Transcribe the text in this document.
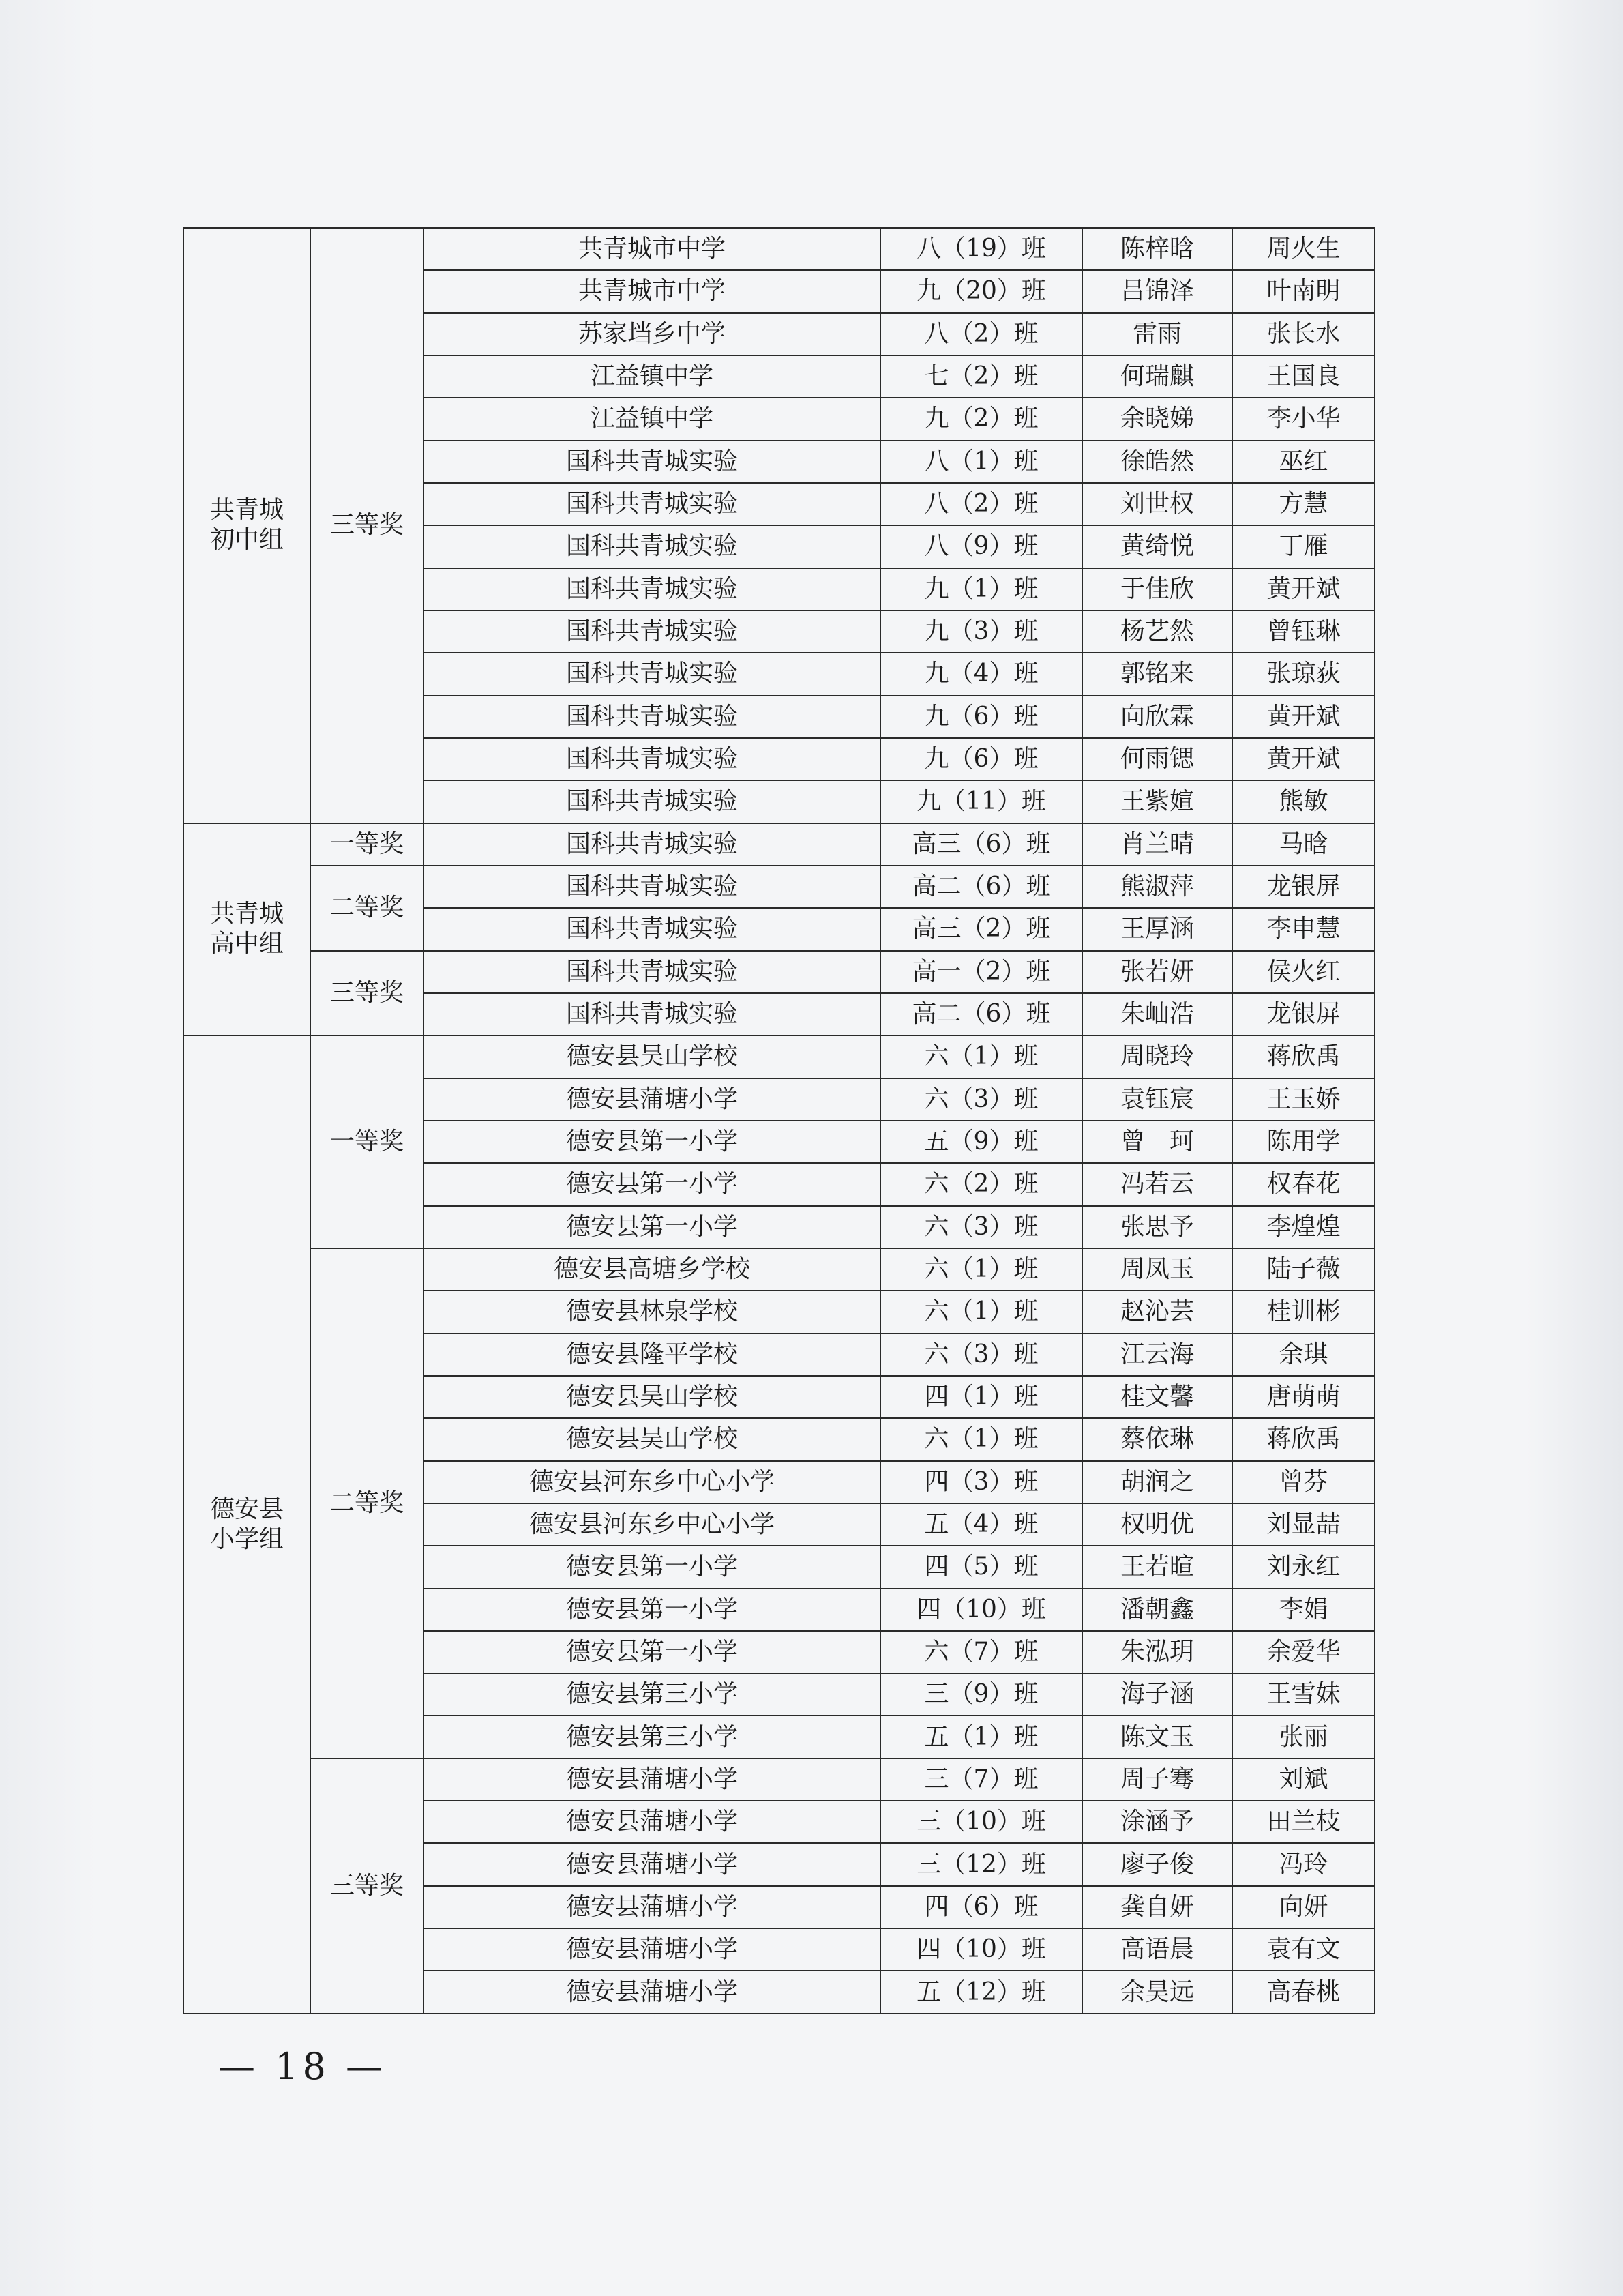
共青城
初中组	三等奖	共青城市中学	八（19）班	陈梓晗	周火生
		共青城市中学	九（20）班	吕锦泽	叶南明
		苏家垱乡中学	八（2）班	雷雨	张长水
		江益镇中学	七（2）班	何瑞麒	王国良
		江益镇中学	九（2）班	余晓娣	李小华
		国科共青城实验	八（1）班	徐皓然	巫红
		国科共青城实验	八（2）班	刘世权	方慧
		国科共青城实验	八（9）班	黄绮悦	丁雁
		国科共青城实验	九（1）班	于佳欣	黄开斌
		国科共青城实验	九（3）班	杨艺然	曾钰琳
		国科共青城实验	九（4）班	郭铭来	张琼荻
		国科共青城实验	九（6）班	向欣霖	黄开斌
		国科共青城实验	九（6）班	何雨锶	黄开斌
		国科共青城实验	九（11）班	王紫媗	熊敏

共青城
高中组	一等奖	国科共青城实验	高三（6）班	肖兰晴	马晗
	二等奖	国科共青城实验	高二（6）班	熊淑萍	龙银屏
		国科共青城实验	高三（2）班	王厚涵	李申慧
	三等奖	国科共青城实验	高一（2）班	张若妍	侯火红
		国科共青城实验	高二（6）班	朱岫浩	龙银屏

德安县
小学组	一等奖	德安县吴山学校	六（1）班	周晓玲	蒋欣禹
		德安县蒲塘小学	六（3）班	袁钰宸	王玉娇
		德安县第一小学	五（9）班	曾　珂	陈用学
		德安县第一小学	六（2）班	冯若云	权春花
		德安县第一小学	六（3）班	张思予	李煌煌
	二等奖	德安县高塘乡学校	六（1）班	周凤玉	陆子薇
		德安县林泉学校	六（1）班	赵沁芸	桂训彬
		德安县隆平学校	六（3）班	江云海	余琪
		德安县吴山学校	四（1）班	桂文馨	唐萌萌
		德安县吴山学校	六（1）班	蔡依琳	蒋欣禹
		德安县河东乡中心小学	四（3）班	胡润之	曾芬
		德安县河东乡中心小学	五（4）班	权明优	刘显喆
		德安县第一小学	四（5）班	王若暄	刘永红
		德安县第一小学	四（10）班	潘朝鑫	李娟
		德安县第一小学	六（7）班	朱泓玥	余爱华
		德安县第三小学	三（9）班	海子涵	王雪妹
		德安县第三小学	五（1）班	陈文玉	张丽
	三等奖	德安县蒲塘小学	三（7）班	周子骞	刘斌
		德安县蒲塘小学	三（10）班	涂涵予	田兰枝
		德安县蒲塘小学	三（12）班	廖子俊	冯玲
		德安县蒲塘小学	四（6）班	龚自妍	向妍
		德安县蒲塘小学	四（10）班	高语晨	袁有文
		德安县蒲塘小学	五（12）班	余昊远	高春桃
— 18 —
